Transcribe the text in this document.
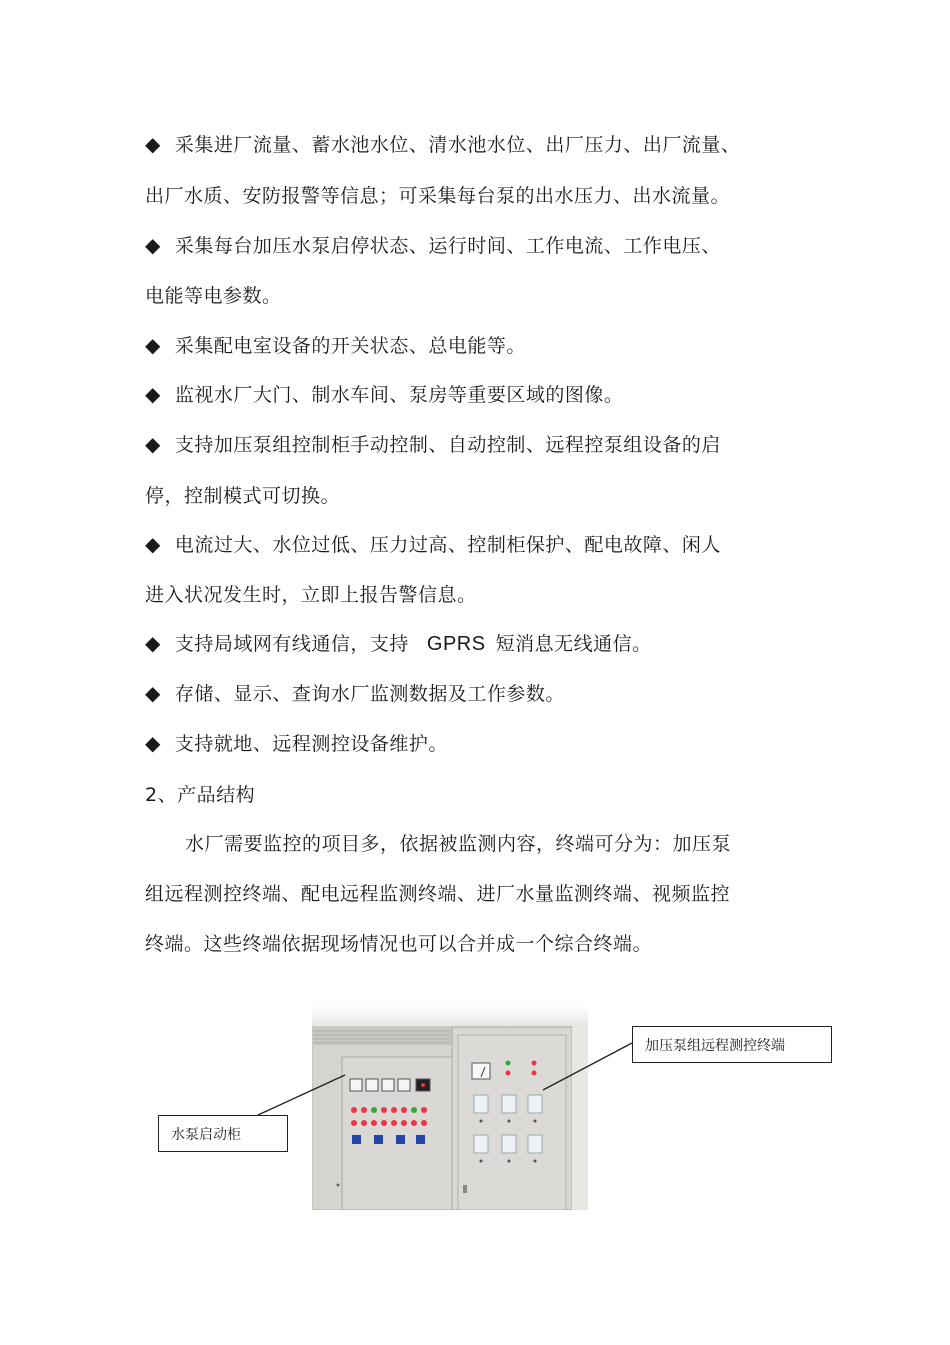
◆ 采集进厂流量、蓄水池水位、清水池水位、出厂压力、出厂流量、
出厂水质、安防报警等信息；可采集每台泵的出水压力、出水流量。
◆ 采集每台加压水泵启停状态、运行时间、工作电流、工作电压、
电能等电参数。
◆ 采集配电室设备的开关状态、总电能等。
◆ 监视水厂大门、制水车间、泵房等重要区域的图像。
◆ 支持加压泵组控制柜手动控制、自动控制、远程控泵组设备的启
停，控制模式可切换。
◆ 电流过大、水位过低、压力过高、控制柜保护、配电故障、闲人
进入状况发生时，立即上报告警信息。
◆ 支持局域网有线通信，支持 GPRS 短消息无线通信。
◆ 存储、显示、查询水厂监测数据及工作参数。
◆ 支持就地、远程测控设备维护。
2、产品结构
水厂需要监控的项目多，依据被监测内容，终端可分为：加压泵
组远程测控终端、配电远程监测终端、进厂水量监测终端、视频监控
终端。这些终端依据现场情况也可以合并成一个综合终端。
加压泵组远程测控终端
水泵启动柜
